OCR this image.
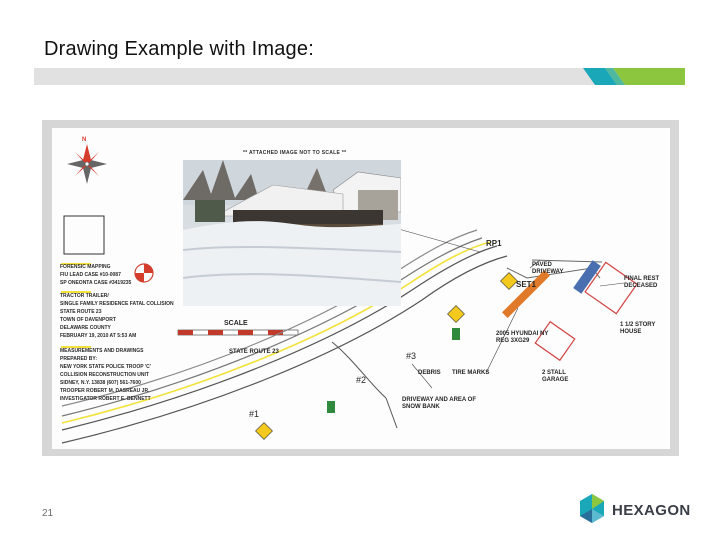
Drawing Example with Image:
N
** ATTACHED IMAGE NOT TO SCALE **
FORENSIC MAPPING
FIU LEAD CASE #10-0087
SP ONEONTA CASE #3419235
TRACTOR TRAILER/
SINGLE FAMILY RESIDENCE FATAL COLLISION
STATE ROUTE 23
TOWN OF DAVENPORT
DELAWARE COUNTY
FEBRUARY 19, 2010 AT 5:53 AM
MEASUREMENTS AND DRAWINGS
PREPARED BY:
NEW YORK STATE POLICE TROOP 'C'
COLLISION RECONSTRUCTION UNIT
SIDNEY, N.Y. 13838 (607) 561-7600
TROOPER ROBERT M. DASREAU JR.
INVESTIGATOR ROBERT E. BENNETT
SCALE
RP1
SET1
PAVED DRIVEWAY
FINAL REST DECEASED
2005 HYUNDAI NY REG 3XG29
1 1/2 STORY HOUSE
2 STALL GARAGE
DEBRIS TIRE MARKS
STATE ROUTE 23
DRIVEWAY AND AREA OF SNOW BANK
#1
#2
#3
21	HEXAGON
